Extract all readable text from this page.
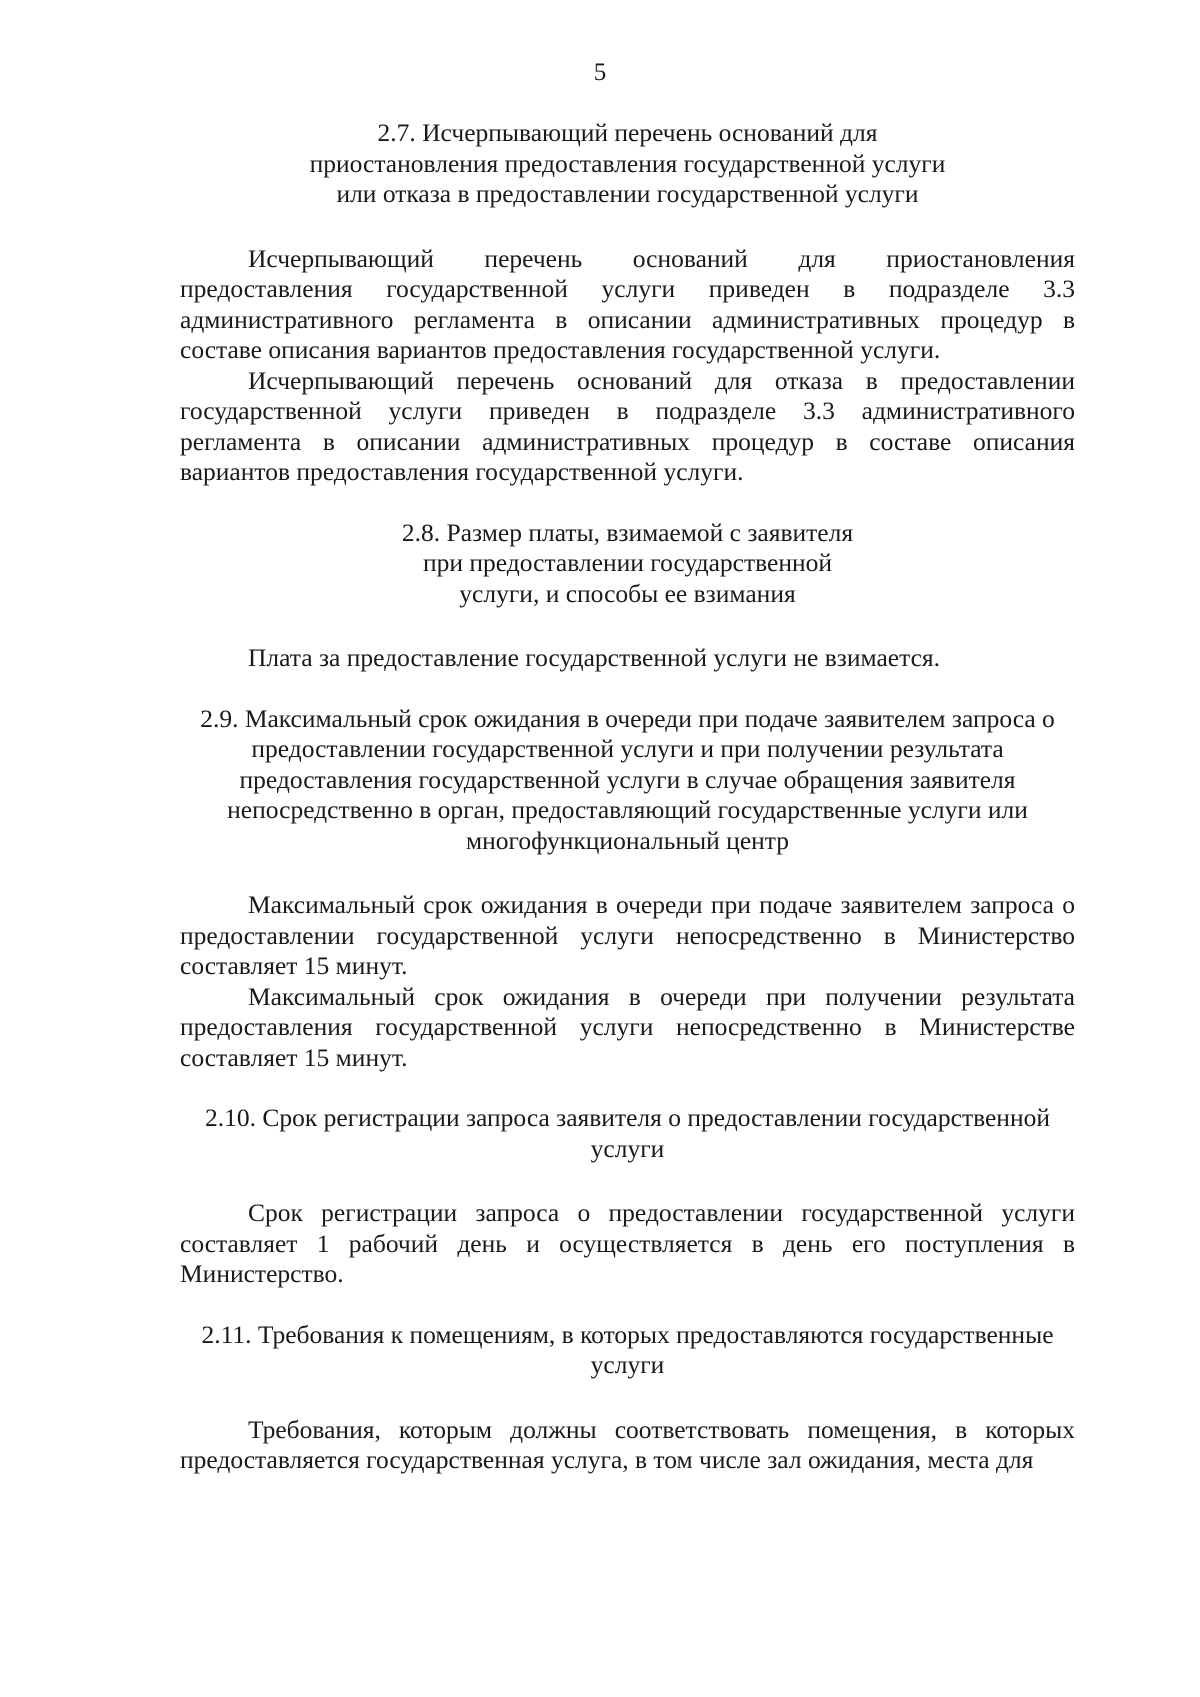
5
2.7. Исчерпывающий перечень оснований для
приостановления предоставления государственной услуги
или отказа в предоставлении государственной услуги

Исчерпывающий перечень оснований для приостановления предоставления государственной услуги приведен в подразделе 3.3 административного регламента в описании административных процедур в составе описания вариантов предоставления государственной услуги.

Исчерпывающий перечень оснований для отказа в предоставлении государственной услуги приведен в подразделе 3.3 административного регламента в описании административных процедур в составе описания вариантов предоставления государственной услуги.

2.8. Размер платы, взимаемой с заявителя
при предоставлении государственной
услуги, и способы ее взимания

Плата за предоставление государственной услуги не взимается.

2.9. Максимальный срок ожидания в очереди при подаче заявителем запроса о
предоставлении государственной услуги и при получении результата
предоставления государственной услуги в случае обращения заявителя
непосредственно в орган, предоставляющий государственные услуги или
многофункциональный центр

Максимальный срок ожидания в очереди при подаче заявителем запроса о предоставлении государственной услуги непосредственно в Министерство составляет 15 минут.

Максимальный срок ожидания в очереди при получении результата предоставления государственной услуги непосредственно в Министерстве составляет 15 минут.

2.10. Срок регистрации запроса заявителя о предоставлении государственной
услуги

Срок регистрации запроса о предоставлении государственной услуги составляет 1 рабочий день и осуществляется в день его поступления в Министерство.

2.11. Требования к помещениям, в которых предоставляются государственные
услуги

Требования, которым должны соответствовать помещения, в которых предоставляется государственная услуга, в том числе зал ожидания, места для
